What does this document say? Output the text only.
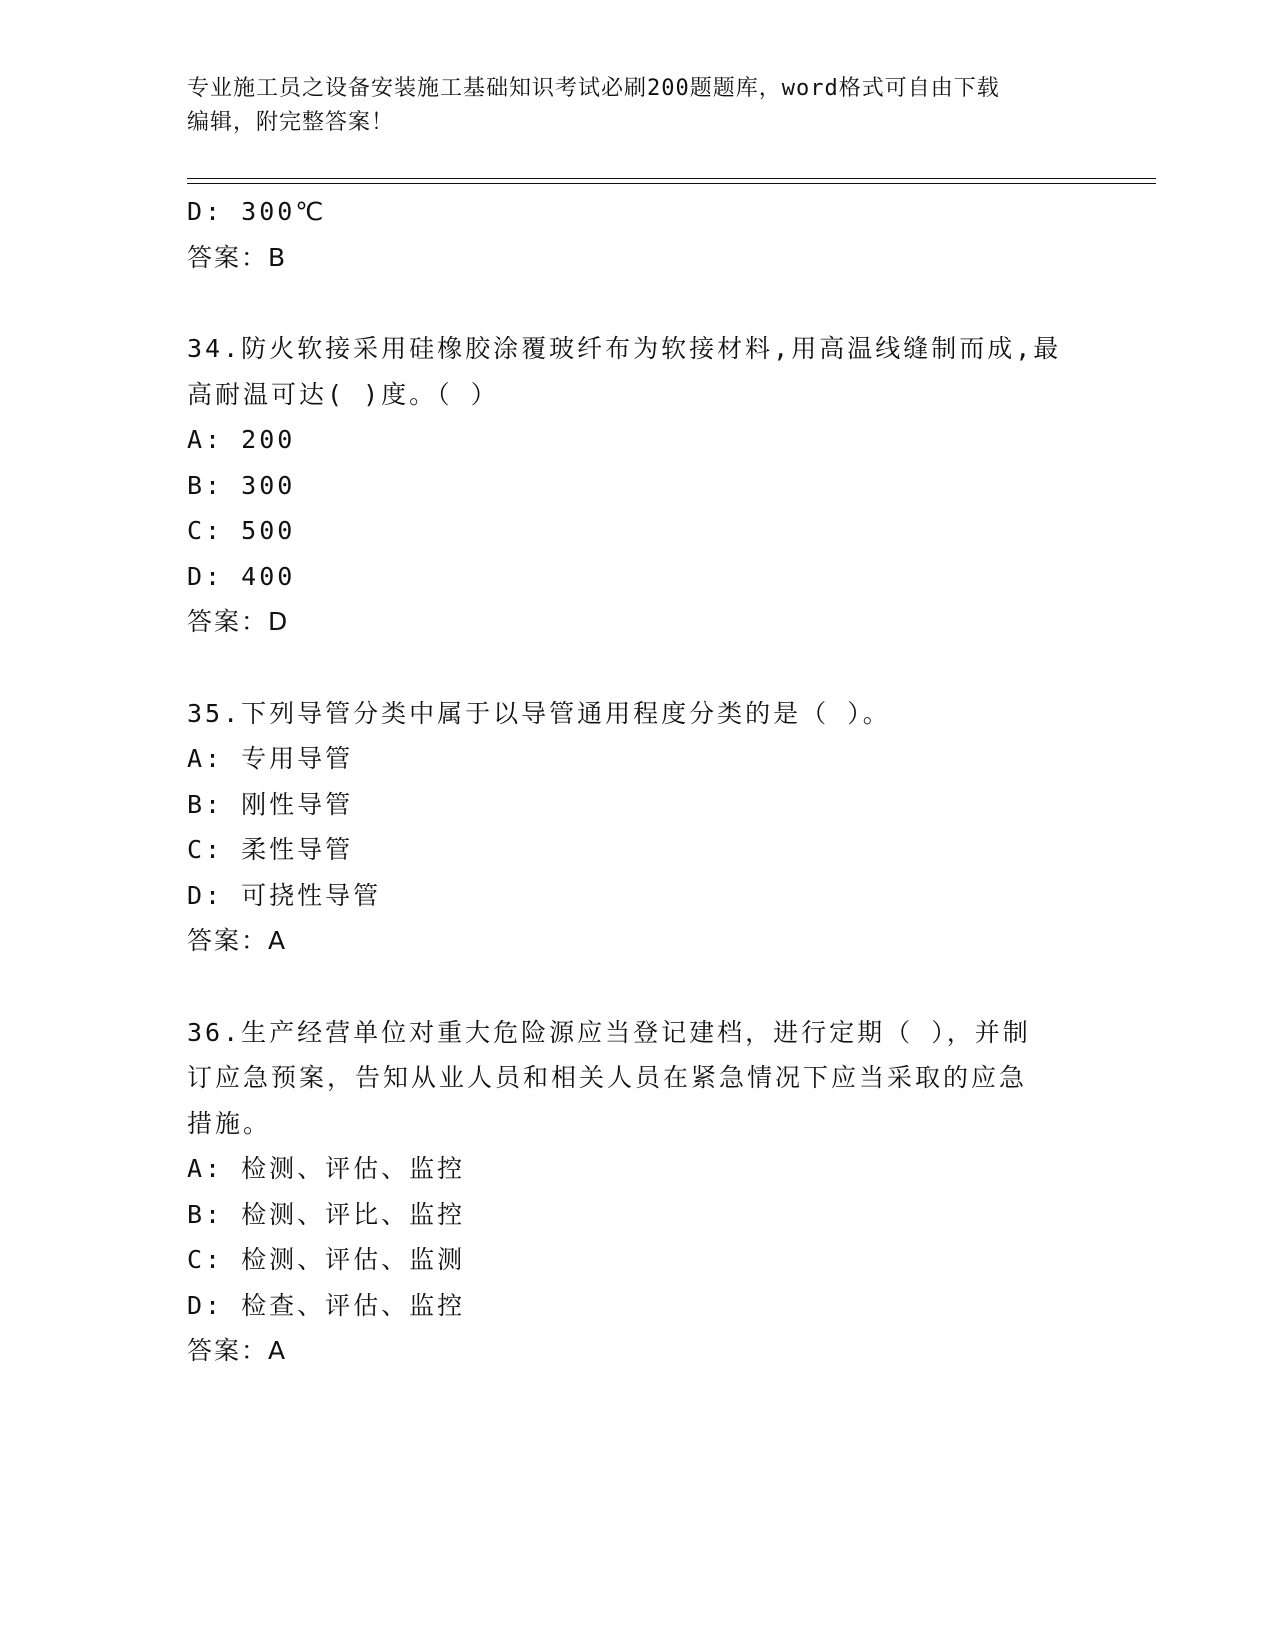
专业施工员之设备安装施工基础知识考试必刷200题题库，word格式可自由下载
编辑，附完整答案！
D: 300℃
答案：B
34.防火软接采用硅橡胶涂覆玻纤布为软接材料,用高温线缝制而成,最
高耐温可达( )度。（ ）
A: 200
B: 300
C: 500
D: 400
答案：D
35.下列导管分类中属于以导管通用程度分类的是（ ）。
A: 专用导管
B: 刚性导管
C: 柔性导管
D: 可挠性导管
答案：A
36.生产经营单位对重大危险源应当登记建档，进行定期（ ），并制
订应急预案，告知从业人员和相关人员在紧急情况下应当采取的应急
措施。
A: 检测、评估、监控
B: 检测、评比、监控
C: 检测、评估、监测
D: 检查、评估、监控
答案：A
